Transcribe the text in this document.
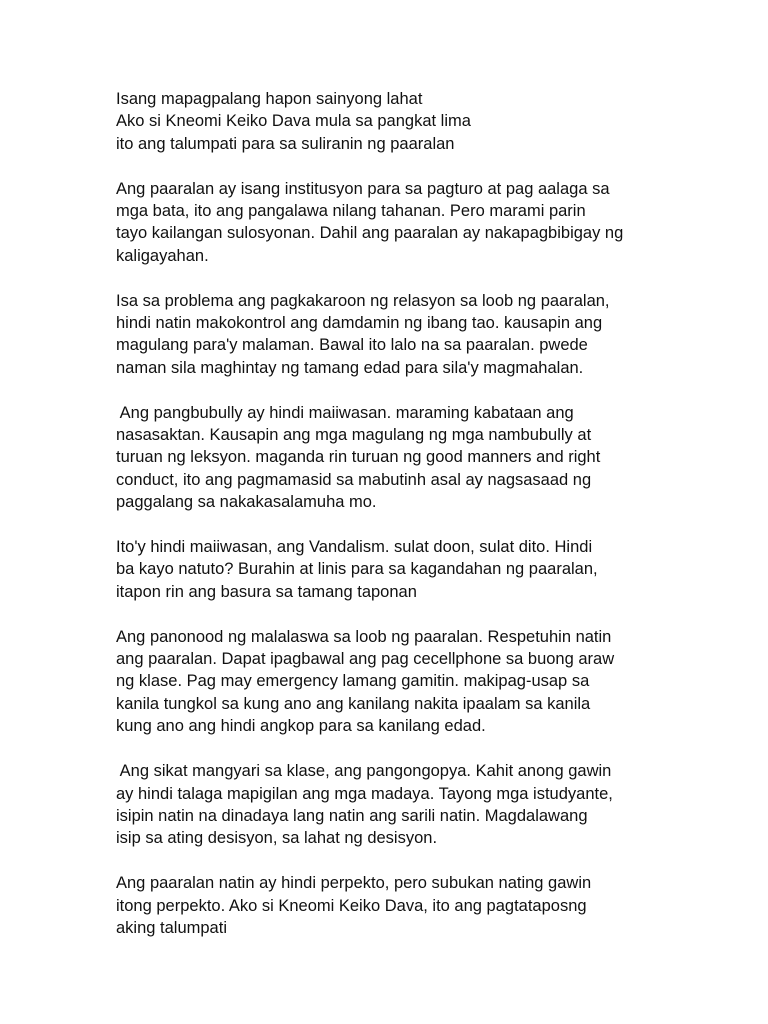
Isang mapagpalang hapon sainyong lahat
Ako si Kneomi Keiko Dava mula sa pangkat lima
ito ang talumpati para sa suliranin ng paaralan
Ang paaralan ay isang institusyon para sa pagturo at pag aalaga sa
mga bata, ito ang pangalawa nilang tahanan. Pero marami parin
tayo kailangan sulosyonan. Dahil ang paaralan ay nakapagbibigay ng
kaligayahan.
Isa sa problema ang pagkakaroon ng relasyon sa loob ng paaralan,
hindi natin makokontrol ang damdamin ng ibang tao. kausapin ang
magulang para'y malaman. Bawal ito lalo na sa paaralan. pwede
naman sila maghintay ng tamang edad para sila'y magmahalan.
Ang pangbubully ay hindi maiiwasan. maraming kabataan ang
nasasaktan. Kausapin ang mga magulang ng mga nambubully at
turuan ng leksyon. maganda rin turuan ng good manners and right
conduct, ito ang pagmamasid sa mabutinh asal ay nagsasaad ng
paggalang sa nakakasalamuha mo.
Ito'y hindi maiiwasan, ang Vandalism. sulat doon, sulat dito. Hindi
ba kayo natuto? Burahin at linis para sa kagandahan ng paaralan,
itapon rin ang basura sa tamang taponan
Ang panonood ng malalaswa sa loob ng paaralan. Respetuhin natin
ang paaralan. Dapat ipagbawal ang pag cecellphone sa buong araw
ng klase. Pag may emergency lamang gamitin. makipag-usap sa
kanila tungkol sa kung ano ang kanilang nakita ipaalam sa kanila
kung ano ang hindi angkop para sa kanilang edad.
Ang sikat mangyari sa klase, ang pangongopya. Kahit anong gawin
ay hindi talaga mapigilan ang mga madaya. Tayong mga istudyante,
isipin natin na dinadaya lang natin ang sarili natin. Magdalawang
isip sa ating desisyon, sa lahat ng desisyon.
Ang paaralan natin ay hindi perpekto, pero subukan nating gawin
itong perpekto. Ako si Kneomi Keiko Dava, ito ang pagtataposng
aking talumpati
